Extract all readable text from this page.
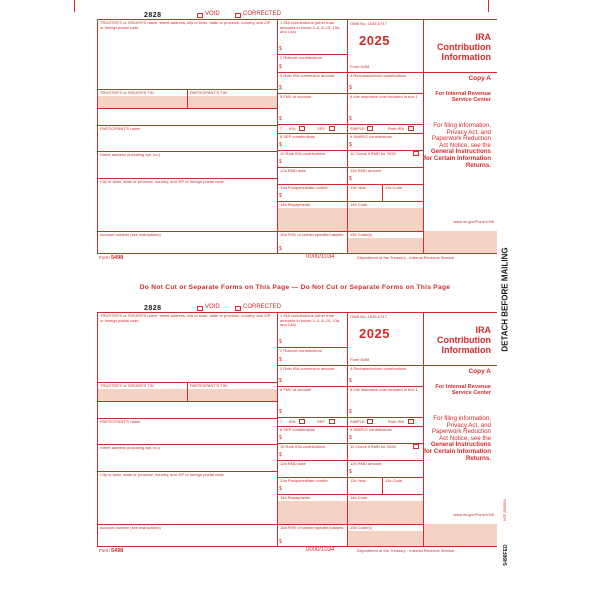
2828	VOID	CORRECTED
TRUSTEE'S or ISSUER'S name, street address, city or town, state or province, country, and ZIP or foreign postal code
TRUSTEE'S or ISSUER'S TIN	PARTICIPANT'S TIN
PARTICIPANT'S name
Street address (including apt. no.)
City or town, state or province, country, and ZIP or foreign postal code
Account number (see instructions)
1 IRA contributions (other than amounts in boxes 2–4, 8–10, 13a, and 14a)
$
2 Rollover contributions
$
OMB No. 1545-0747
2025
Form 5498
3 Roth IRA conversion amount
$
4 Recharacterized contributions
$
5 FMV of account
$
6 Life insurance cost included in box 1
$
7 IRA	SEP	SIMPLE	Roth IRA
8 SEP contributions
$
9 SIMPLE contributions
$
10 Roth IRA contributions
$
11 Check if RMD for 2026
12a RMD date	12b RMD amount
$
13a Postponed/late contrib.
$
13b Year	13c Code
14a Repayments	14b Code
15a FMV of certain specified assets
$
15b Code(s)
IRA
Contribution
Information
Copy A
For Internal Revenue Service Center
For filing information, Privacy Act, and Paperwork Reduction Act Notice, see the General Instructions for Certain Information Returns.
www.irs.gov/Form1099
Form 5498	0000/1034	Department of the Treasury - Internal Revenue Service
2828	VOID	CORRECTED
TRUSTEE'S or ISSUER'S name, street address, city or town, state or province, country, and ZIP or foreign postal code
TRUSTEE'S or ISSUER'S TIN	PARTICIPANT'S TIN
PARTICIPANT'S name
Street address (including apt. no.)
City or town, state or province, country, and ZIP or foreign postal code
Account number (see instructions)
1 IRA contributions (other than amounts in boxes 2–4, 8–10, 13a, and 14a)
$
2 Rollover contributions
$
OMB No. 1545-0747
2025
Form 5498
3 Roth IRA conversion amount
$
4 Recharacterized contributions
$
5 FMV of account
$
6 Life insurance cost included in box 1
$
7 IRA	SEP	SIMPLE	Roth IRA
8 SEP contributions
$
9 SIMPLE contributions
$
10 Roth IRA contributions
$
11 Check if RMD for 2026
12a RMD date	12b RMD amount
$
13a Postponed/late contrib.
$
13b Year	13c Code
14a Repayments	14b Code
15a FMV of certain specified assets
$
15b Code(s)
IRA
Contribution
Information
Copy A
For Internal Revenue Service Center
For filing information, Privacy Act, and Paperwork Reduction Act Notice, see the General Instructions for Certain Information Returns.
www.irs.gov/Form1099
Form 5498	0000/1034	Department of the Treasury - Internal Revenue Service
Do Not Cut or Separate Forms on This Page — Do Not Cut or Separate Forms on This Page	DETACH BEFORE MAILING
NTF 2560554
5498FED
